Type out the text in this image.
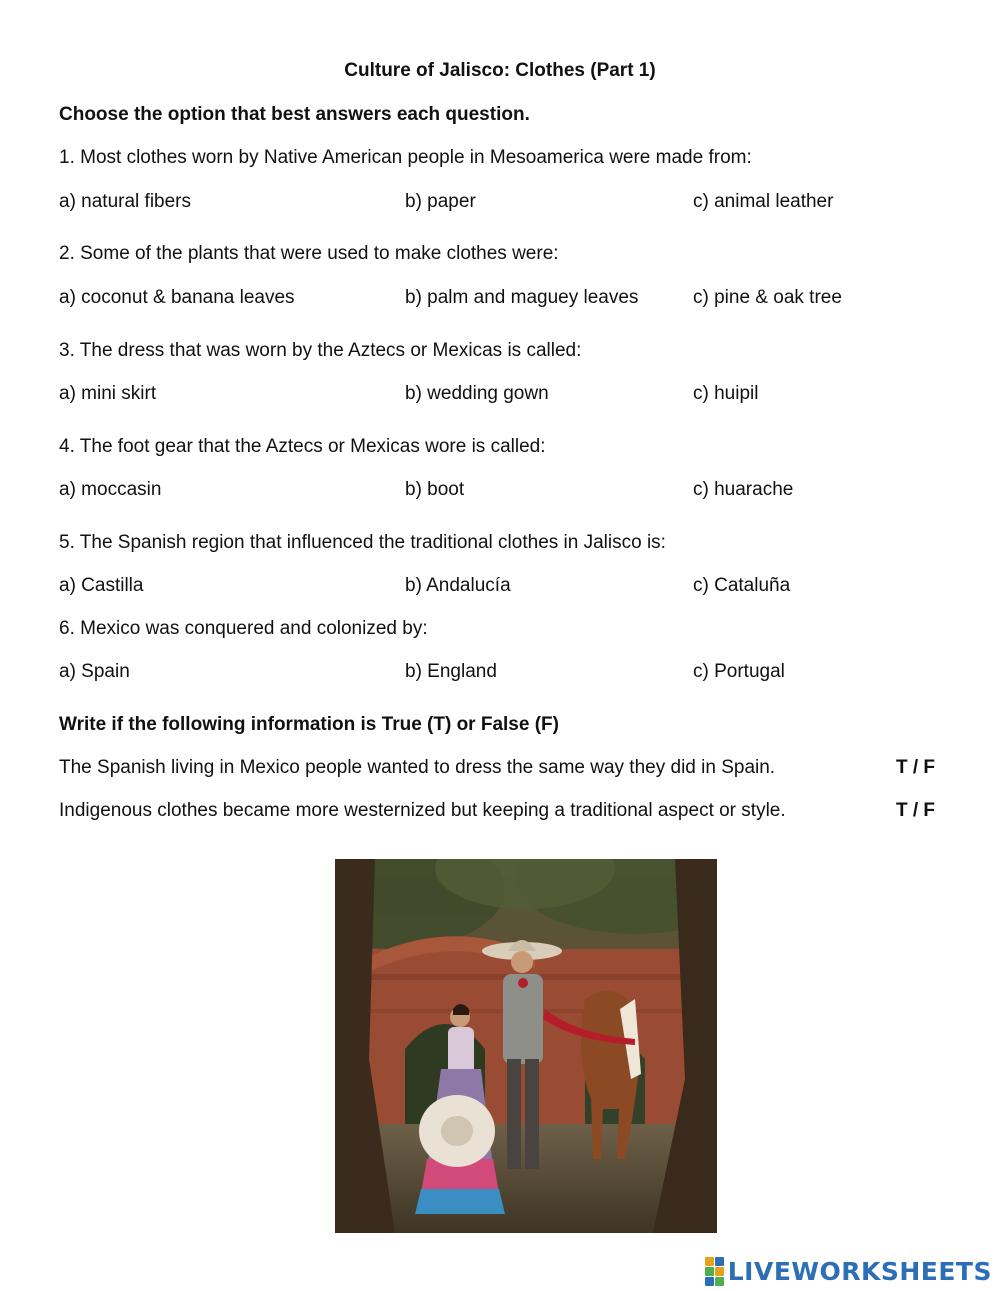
Culture of Jalisco: Clothes (Part 1)

Choose the option that best answers each question.

1. Most clothes worn by Native American people in Mesoamerica were made from:

a) natural fibers	b) paper	c) animal leather

2. Some of the plants that were used to make clothes were:

a) coconut & banana leaves	b) palm and maguey leaves	c) pine & oak tree

3. The dress that was worn by the Aztecs or Mexicas is called:

a) mini skirt	b) wedding gown	c) huipil

4. The foot gear that the Aztecs or Mexicas wore is called:

a) moccasin	b) boot	c) huarache

5. The Spanish region that influenced the traditional clothes in Jalisco is:

a) Castilla	b) Andalucía	c) Cataluña

6. Mexico was conquered and colonized by:

a) Spain	b) England	c) Portugal

Write if the following information is True (T) or False (F)

The Spanish living in Mexico people wanted to dress the same way they did in Spain.	T / F
Indigenous clothes became more westernized but keeping a traditional aspect or style.	T / F
LIVEWORKSHEETS
